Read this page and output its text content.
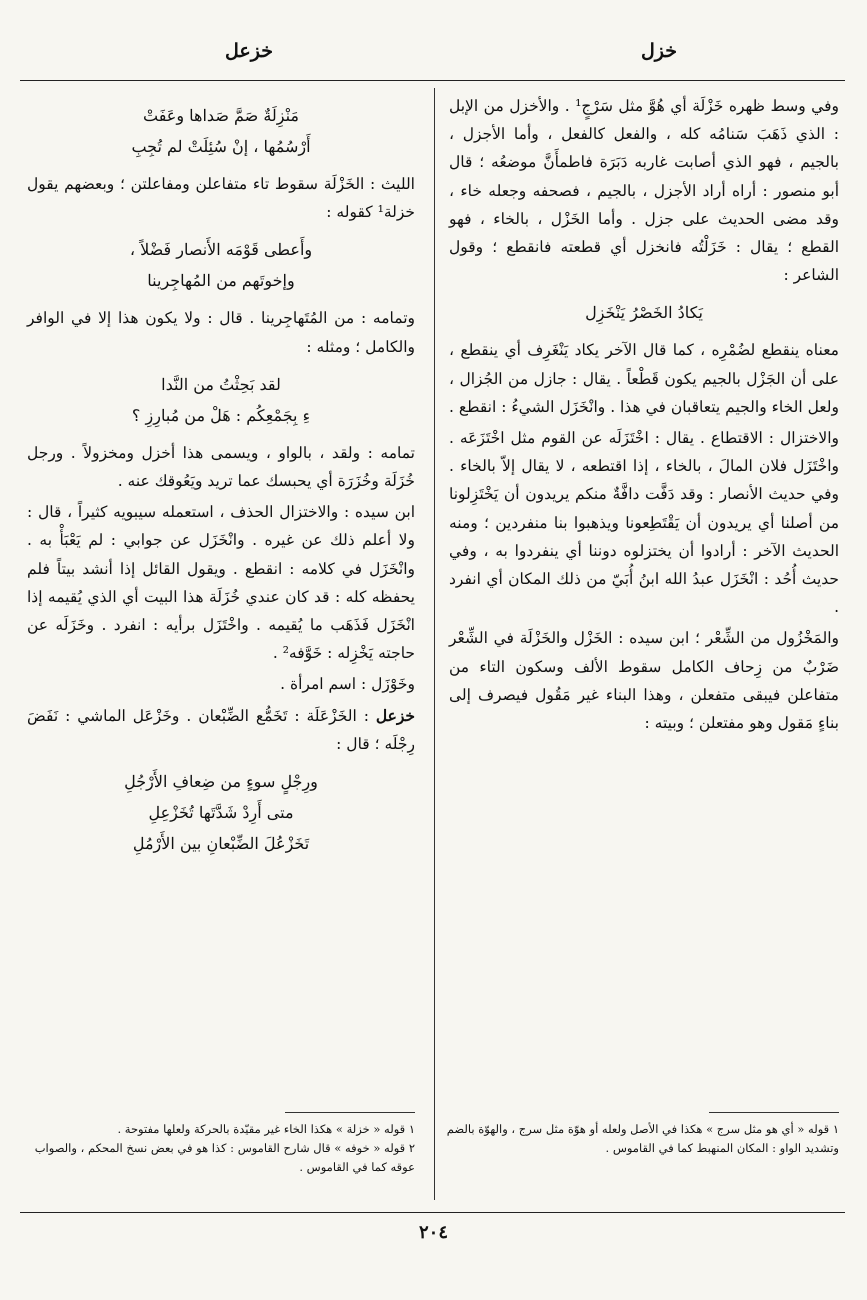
خزل
خزعل

وفي وسط ظهره خَزْلَة أي هُوَّ مثل سَرْجٍ¹ . والأخزل من الإبل : الذي ذَهَبَ سَنامُه كله ، والفعل كالفعل ، وأما الأجزل ، بالجيم ، فهو الذي أصابت غاربه دَبَرَة فاطمأَنَّ موضعُه ؛ قال أبو منصور : أراه أراد الأجزل ، بالجيم ، فصحفه وجعله خاء ، وقد مضى الحديث على جزل . وأما الخَزْل ، بالخاء ، فهو القطع ؛ يقال : خَزَلْتُه فانخزل أي قطعته فانقطع ؛ وقول الشاعر :

يَكادُ الخَصْرُ يَنْخَزِل

معناه ينقطع لضُمْرِه ، كما قال الآخر يكاد يَنْغَرِف أي ينقطع ، على أن الجَزْل بالجيم يكون قَطْعاً . يقال : جازل من الجُزال ، ولعل الخاء والجيم يتعاقبان في هذا . وانْخَزَل الشيءُ : انقطع .

والاختزال : الاقتطاع . يقال : اخْتَزَلَه عن القوم مثل اخْتَزَعَه . واخْتَزَل فلان المالَ ، بالخاء ، إذا اقتطعه ، لا يقال إلاّ بالخاء . وفي حديث الأنصار : وقد دَفَّت دافَّةٌ منكم يريدون أن يَخْتَزِلونا من أصلنا أي يريدون أن يَقْتَطِعونا ويذهبوا بنا منفردين ؛ ومنه الحديث الآخر : أرادوا أن يختزلوه دوننا أي ينفردوا به ، وفي حديث أُحُد : انْخَزَل عبدُ الله ابنُ أُبَيّ من ذلك المكان أي انفرد .

والمَخْزُول من الشِّعْر ؛ ابن سيده : الخَزْل والخَزْلَة في الشِّعْر ضَرْبٌ من زِحاف الكامل سقوط الألف وسكون التاء من متفاعلن فيبقى متفعلن ، وهذا البناء غير مَقُول فيصرف إلى بناءٍ مَقول وهو مفتعلن ؛ وبيته :

مَنْزِلَةٌ صَمَّ صَداها وعَفَتْ
أَرْسُمُها ، إنْ سُئِلَتْ لم تُجِبِ

الليث : الخَزْلَة سقوط تاء متفاعلن ومفاعلتن ؛ وبعضهم يقول خزلة¹ كقوله :

وأَعطى قَوْمَه الأَنصار فَضْلاً ،
وإخوتَهم من المُهاجِرينا

وتمامه : من المُتَهاجِرينا . قال : ولا يكون هذا إلا في الوافر والكامل ؛ ومثله :

لقد بَحِثْتُ من النَّدا
ءِ بِجَمْعِكُم : هَلْ من مُبارِزِ ؟

تمامه : ولقد ، بالواو ، ويسمى هذا أخزل ومخزولاً . ورجل خُزَلَة وخُزَرَة أي يحبسك عما تريد ويَعُوقك عنه .

ابن سيده : والاختزال الحذف ، استعمله سيبويه كثيراً ، قال : ولا أعلم ذلك عن غيره . وانْخَزَل عن جوابي : لم يَعْبَأْ به . وانْخَزَل في كلامه : انقطع . ويقول القائل إذا أنشد بيتاً فلم يحفظه كله : قد كان عندي خُزَلَة هذا البيت أي الذي يُقيمه إذا انْخَزَل فَذَهَب ما يُقيمه . واخْتَزَل برأيه : انفرد . وخَزَلَه عن حاجته يَخْزِله : خَوَّفه² .

وخَوْزَل : اسم امرأة .

خزعل : الخَزْعَلَة : تَخَمُّع الضِّبْعان . وخَزْعَل الماشي : نَفَضَ رِجْلَه ؛ قال :

ورِجْلٍ سوءٍ من ضِعافِ الأَرْجُلِ
متى أَرِدْ شَدَّتَها تُخَزْعِلِ
تَخَزْعُلَ الضِّبْعانِ بين الأَرْمُلِ
١ قوله « أي هو مثل سرج » هكذا في الأصل ولعله أو هوّة مثل سرج ، والهوّة بالضم وتشديد الواو : المكان المنهبط كما في القاموس .
١ قوله « خزلة » هكذا الخاء غير مقيّدة بالحركة ولعلها مفتوحة .
٢ قوله « خوفه » قال شارح القاموس : كذا هو في بعض نسخ المحكم ، والصواب عوقه كما في القاموس .
٢٠٤
